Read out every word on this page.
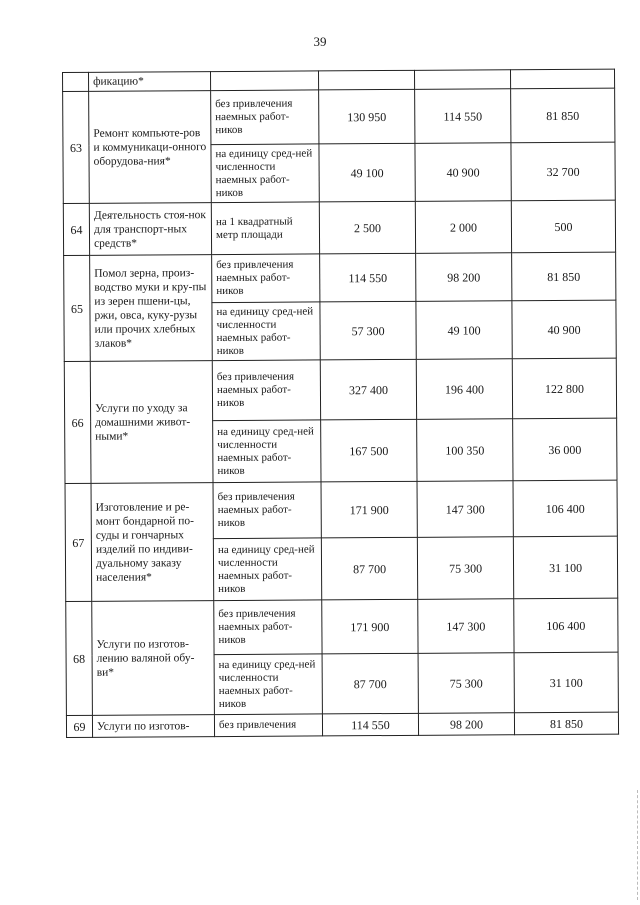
39
	фикацию*				
63	Ремонт компьюте-ров и коммуникаци-онного оборудова-ния*	без привлечения наемных работ-ников	130 950	114 550	81 850
		на единицу сред-ней численности наемных работ-ников	49 100	40 900	32 700
64	Деятельность стоя-нок для транспорт-ных средств*	на 1 квадратный метр площади	2 500	2 000	500
65	Помол зерна, произ-водство муки и кру-пы из зерен пшени-цы, ржи, овса, куку-рузы или прочих хлебных злаков*	без привлечения наемных работ-ников	114 550	98 200	81 850
		на единицу сред-ней численности наемных работ-ников	57 300	49 100	40 900
66	Услуги по уходу за домашними живот-ными*	без привлечения наемных работ-ников	327 400	196 400	122 800
		на единицу сред-ней численности наемных работ-ников	167 500	100 350	36 000
67	Изготовление и ре-монт бондарной по-суды и гончарных изделий по индиви-дуальному заказу населения*	без привлечения наемных работ-ников	171 900	147 300	106 400
		на единицу сред-ней численности наемных работ-ников	87 700	75 300	31 100
68	Услуги по изготов-лению валяной обу-ви*	без привлечения наемных работ-ников	171 900	147 300	106 400
		на единицу сред-ней численности наемных работ-ников	87 700	75 300	31 100
69	Услуги по изготов-	без привлечения	114 550	98 200	81 850
